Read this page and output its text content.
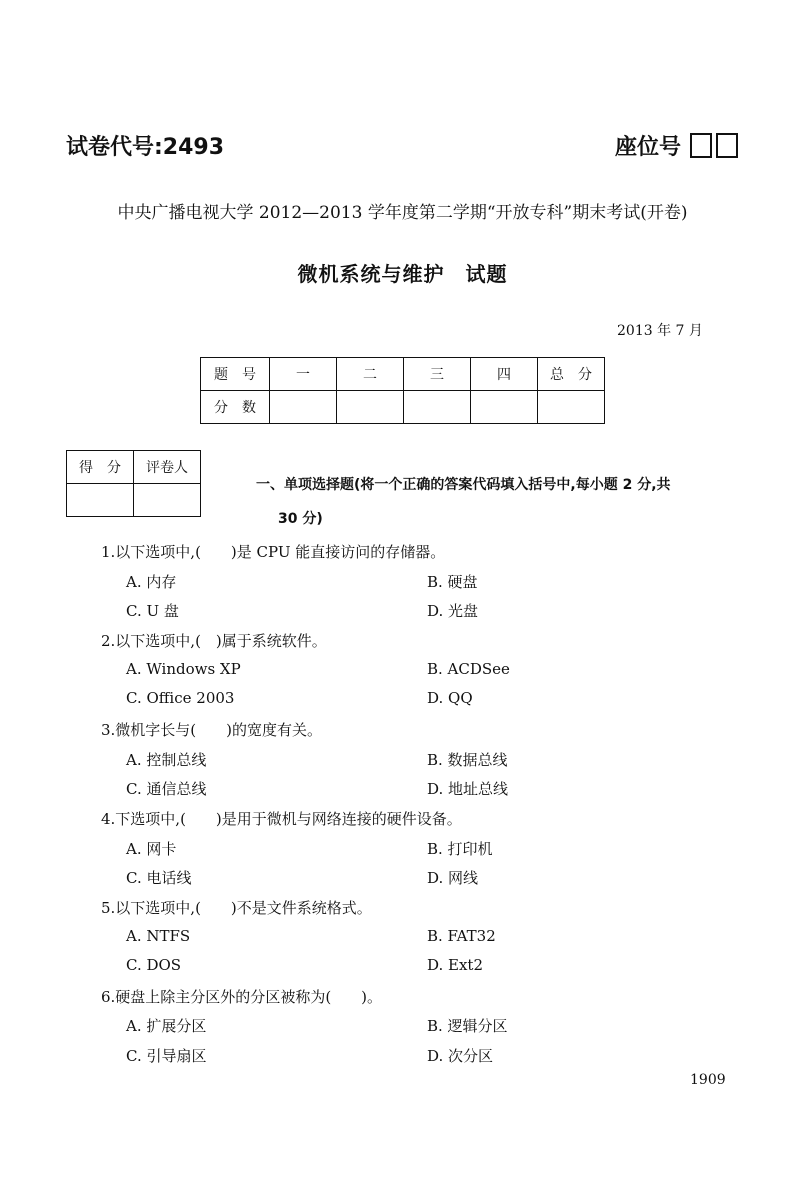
试卷代号:2493	座位号
中央广播电视大学 2012—2013 学年度第二学期“开放专科”期末考试(开卷)
微机系统与维护　试题
2013 年 7 月
题　号	一	二	三	四	总　分
分　数					
得　分	评卷人

一、单项选择题(将一个正确的答案代码填入括号中,每小题 2 分,共
30 分)
1.以下选项中,(　　)是 CPU 能直接访问的存储器。
A. 内存	B. 硬盘
C. U 盘	D. 光盘
2.以下选项中,(　)属于系统软件。
A. Windows XP	B. ACDSee
C. Office 2003	D. QQ
3.微机字长与(　　)的宽度有关。
A. 控制总线	B. 数据总线
C. 通信总线	D. 地址总线
4.下选项中,(　　)是用于微机与网络连接的硬件设备。
A. 网卡	B. 打印机
C. 电话线	D. 网线
5.以下选项中,(　　)不是文件系统格式。
A. NTFS	B. FAT32
C. DOS	D. Ext2
6.硬盘上除主分区外的分区被称为(　　)。
A. 扩展分区	B. 逻辑分区
C. 引导扇区	D. 次分区
1909
